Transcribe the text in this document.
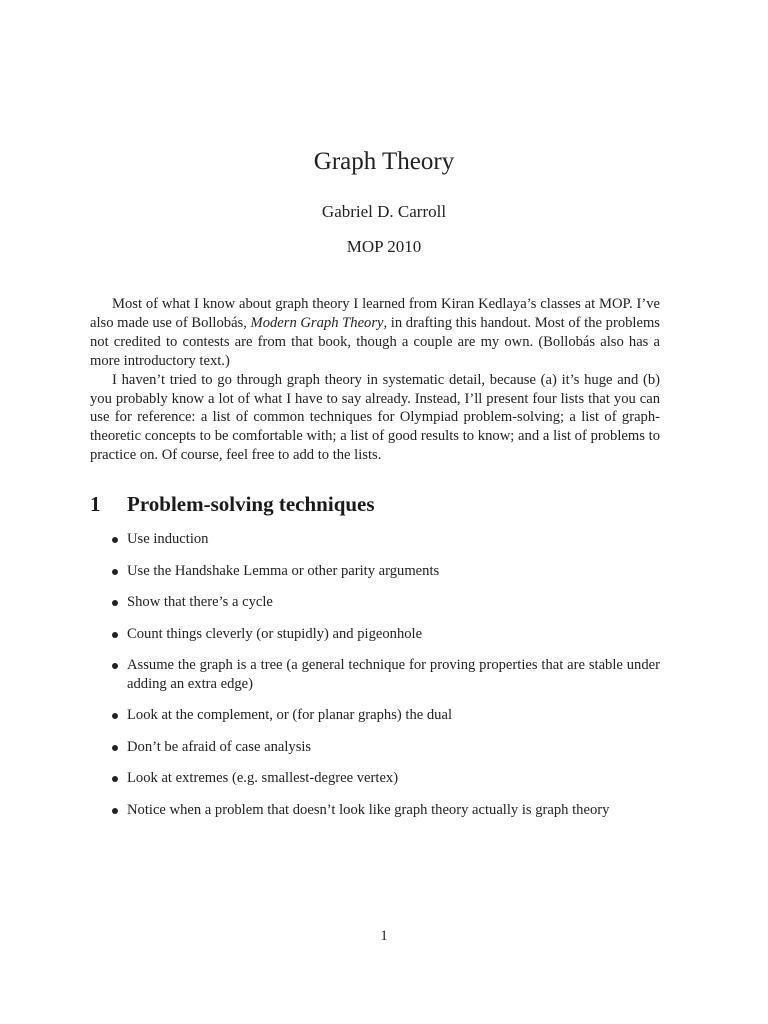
Graph Theory
Gabriel D. Carroll
MOP 2010

Most of what I know about graph theory I learned from Kiran Kedlaya’s classes at MOP. I’ve also made use of Bollobás, Modern Graph Theory, in drafting this handout. Most of the problems not credited to contests are from that book, though a couple are my own. (Bollobás also has a more introductory text.)

I haven’t tried to go through graph theory in systematic detail, because (a) it’s huge and (b) you probably know a lot of what I have to say already. Instead, I’ll present four lists that you can use for reference: a list of common techniques for Olympiad problem-solving; a list of graph-theoretic concepts to be comfortable with; a list of good results to know; and a list of problems to practice on. Of course, feel free to add to the lists.

1 Problem-solving techniques
Use induction
Use the Handshake Lemma or other parity arguments
Show that there’s a cycle
Count things cleverly (or stupidly) and pigeonhole
Assume the graph is a tree (a general technique for proving properties that are stable under adding an extra edge)
Look at the complement, or (for planar graphs) the dual
Don’t be afraid of case analysis
Look at extremes (e.g. smallest-degree vertex)
Notice when a problem that doesn’t look like graph theory actually is graph theory
1
